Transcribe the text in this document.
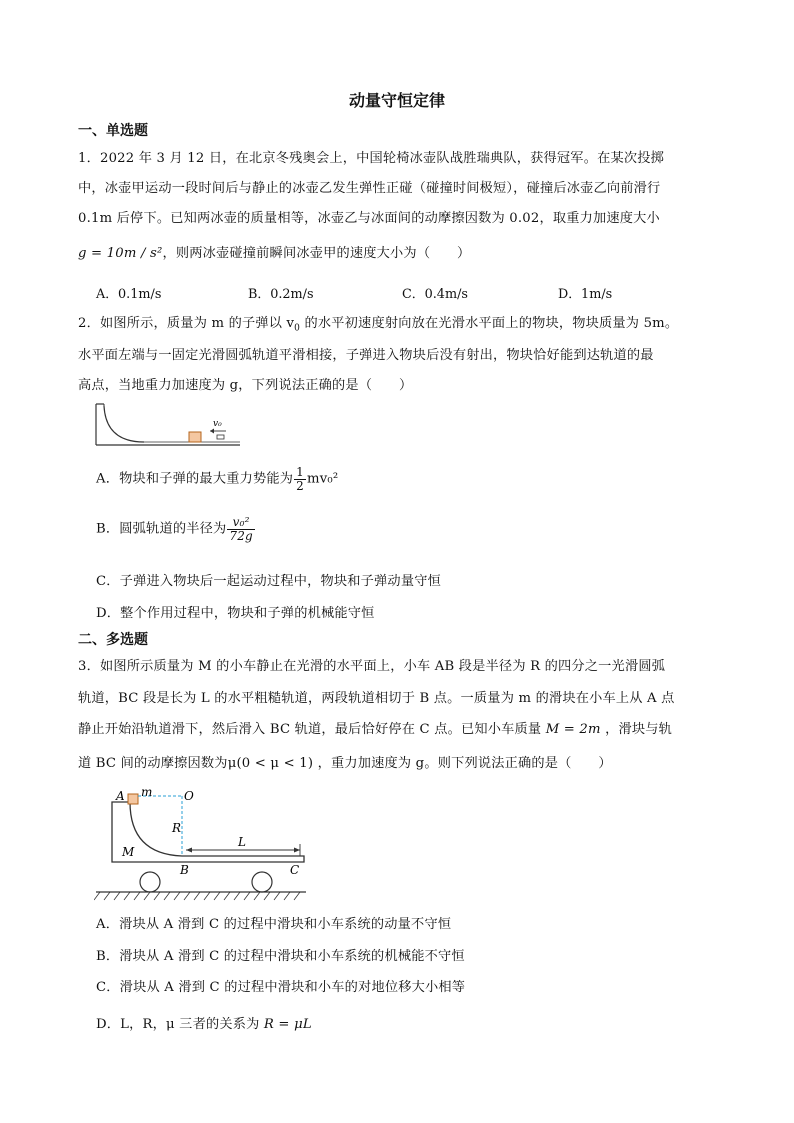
动量守恒定律
一、单选题
1．2022 年 3 月 12 日，在北京冬残奥会上，中国轮椅冰壶队战胜瑞典队，获得冠军。在某次投掷
中，冰壶甲运动一段时间后与静止的冰壶乙发生弹性正碰（碰撞时间极短），碰撞后冰壶乙向前滑行
0.1m 后停下。已知两冰壶的质量相等，冰壶乙与冰面间的动摩擦因数为 0.02，取重力加速度大小
g = 10m / s²，则两冰壶碰撞前瞬间冰壶甲的速度大小为（　　）
A．0.1m/s	B．0.2m/s	C．0.4m/s	D．1m/s
2．如图所示，质量为 m 的子弹以 $v_0$ 的水平初速度射向放在光滑水平面上的物块，物块质量为 5m。
水平面左端与一固定光滑圆弧轨道平滑相接，子弹进入物块后没有射出，物块恰好能到达轨道的最
高点，当地重力加速度为 g，下列说法正确的是（　　）
v₀
A．物块和子弹的最大重力势能为 $\frac{1}{2} mv_0^2$
B．圆弧轨道的半径为 $\frac{\text{v₀²}}{72g}$
C．子弹进入物块后一起运动过程中，物块和子弹动量守恒
D．整个作用过程中，物块和子弹的机械能守恒
二、多选题
3．如图所示质量为 M 的小车静止在光滑的水平面上，小车 AB 段是半径为 R 的四分之一光滑圆弧
轨道，BC 段是长为 L 的水平粗糙轨道，两段轨道相切于 B 点。一质量为 m 的滑块在小车上从 A 点
静止开始沿轨道滑下，然后滑入 BC 轨道，最后恰好停在 C 点。已知小车质量 M = 2m ，滑块与轨
道 BC 间的动摩擦因数为μ(0 < μ < 1) ，重力加速度为 g。则下列说法正确的是（　　）
A m	O
R
M
B
L
C
A．滑块从 A 滑到 C 的过程中滑块和小车系统的动量不守恒
B．滑块从 A 滑到 C 的过程中滑块和小车系统的机械能不守恒
C．滑块从 A 滑到 C 的过程中滑块和小车的对地位移大小相等
D．L，R，μ 三者的关系为 R = μL
